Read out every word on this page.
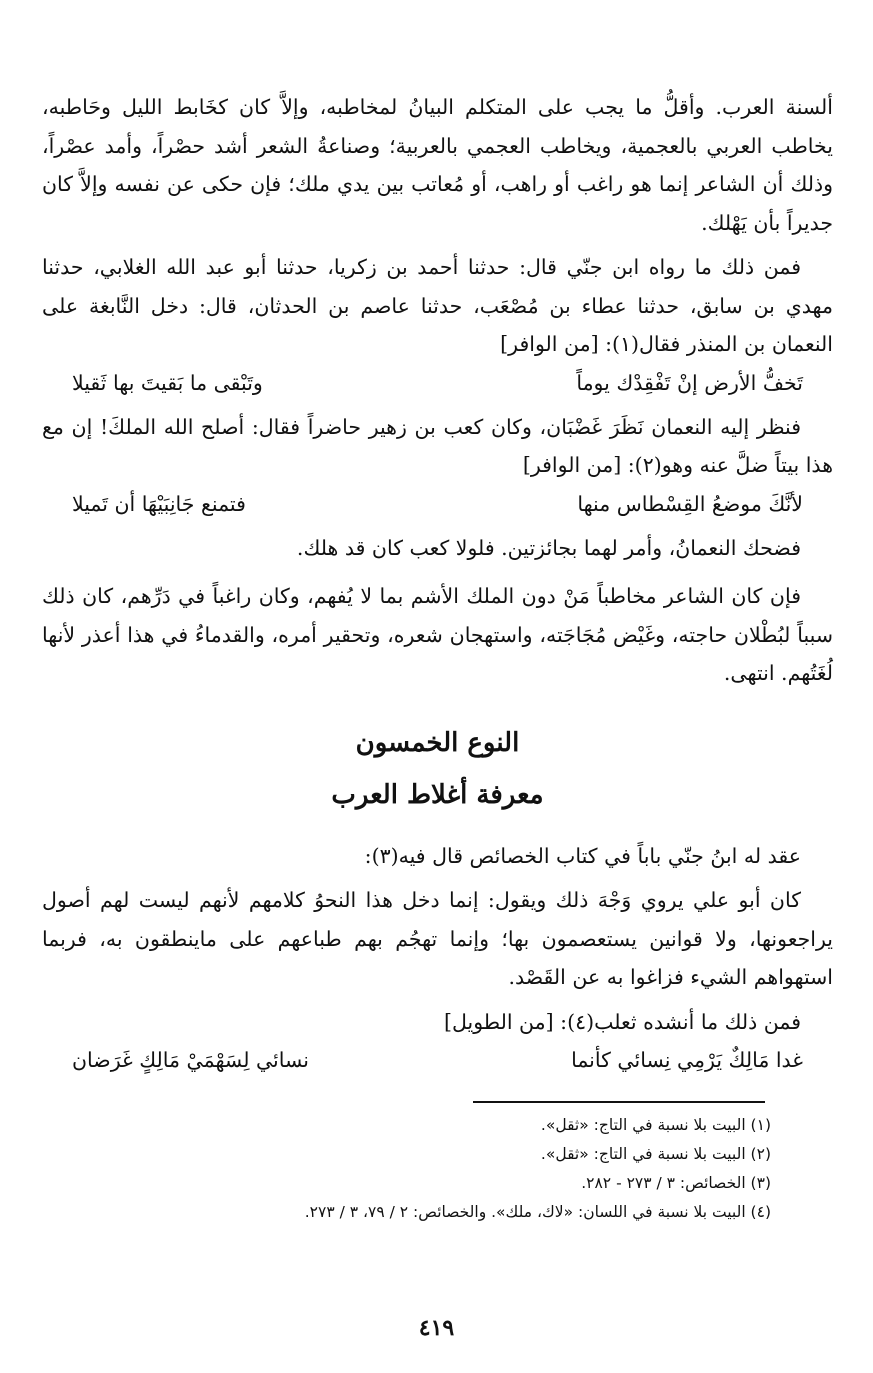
ألسنة العرب. وأقلُّ ما يجب على المتكلم البيانُ لمخاطبه، وإلاَّ كان كخَابط الليل وحَاطبه، يخاطب العربي بالعجمية، ويخاطب العجمي بالعربية؛ وصناعةُ الشعر أشد حصْراً، وأمد عصْراً، وذلك أن الشاعر إنما هو راغب أو راهب، أو مُعاتب بين يدي ملك؛ فإن حكى عن نفسه وإلاَّ كان جديراً بأن يَهْلك.

فمن ذلك ما رواه ابن جنّي قال: حدثنا أحمد بن زكريا، حدثنا أبو عبد الله الغلابي، حدثنا مهدي بن سابق، حدثنا عطاء بن مُصْعَب، حدثنا عاصم بن الحدثان، قال: دخل النَّابغة على النعمان بن المنذر فقال(١): [من الوافر]

تَخفُّ الأرض إنْ تَفْقِدْك يوماً
وتَبْقى ما بَقيتَ بها ثَقيلا

فنظر إليه النعمان نَظَرَ غَضْبَان، وكان كعب بن زهير حاضراً فقال: أصلح الله الملكَ! إن مع هذا بيتاً ضلَّ عنه وهو(٢): [من الوافر]

لأنَّكَ موضعُ القِسْطاس منها
فتمنع جَانِبَيْهَا أن تَميلا

فضحك النعمانُ، وأمر لهما بجائزتين. فلولا كعب كان قد هلك.

فإن كان الشاعر مخاطباً مَنْ دون الملك الأشم بما لا يُفهم، وكان راغباً في دَرِّهم، كان ذلك سبباً لبُطْلان حاجته، وغَيْض مُجَاجَته، واستهجان شعره، وتحقير أمره، والقدماءُ في هذا أعذر لأنها لُغَتُهم. انتهى.

النوع الخمسون

معرفة أغلاط العرب

عقد له ابنُ جنّي باباً في كتاب الخصائص قال فيه(٣):

كان أبو علي يروي وَجْهَ ذلك ويقول: إنما دخل هذا النحوُ كلامهم لأنهم ليست لهم أصول يراجعونها، ولا قوانين يستعصمون بها؛ وإنما تهجُم بهم طباعهم على ماينطقون به، فربما استهواهم الشيء فزاغوا به عن القَصْد.

فمن ذلك ما أنشده ثعلب(٤): [من الطويل]

غدا مَالِكٌ يَرْمِي نِسائي كأنما
نسائي لِسَهْمَيْ مَالِكٍ غَرَضان
(١) البيت بلا نسبة في التاج: «ثقل».
(٢) البيت بلا نسبة في التاج: «ثقل».
(٣) الخصائص: ٣ / ٢٧٣ - ٢٨٢.
(٤) البيت بلا نسبة في اللسان: «لاك، ملك». والخصائص: ٢ / ٧٩، ٣ / ٢٧٣.
٤١٩
